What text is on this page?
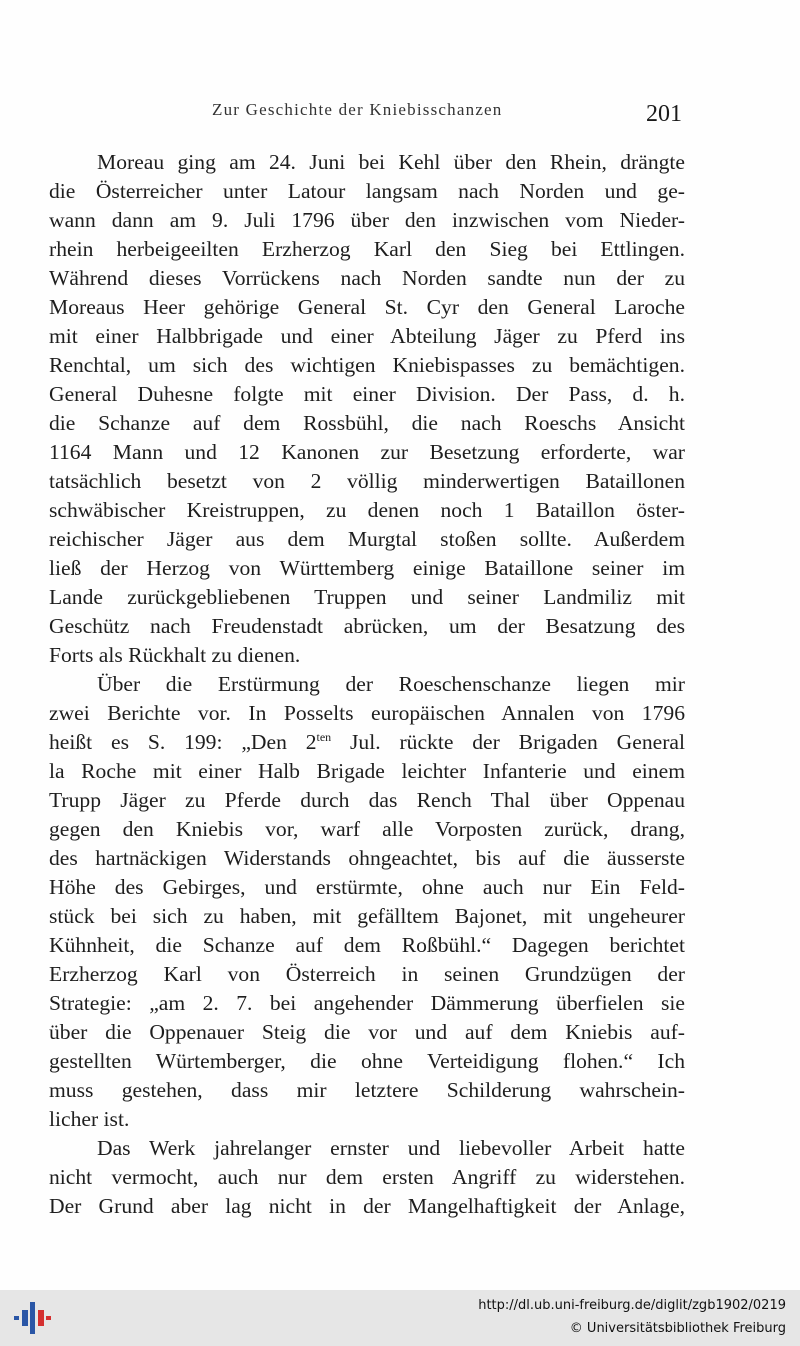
Zur Geschichte der Kniebisschanzen	201
Moreau ging am 24. Juni bei Kehl über den Rhein, drängte
die Österreicher unter Latour langsam nach Norden und ge-
wann dann am 9. Juli 1796 über den inzwischen vom Nieder-
rhein herbeigeeilten Erzherzog Karl den Sieg bei Ettlingen.
Während dieses Vorrückens nach Norden sandte nun der zu
Moreaus Heer gehörige General St. Cyr den General Laroche
mit einer Halbbrigade und einer Abteilung Jäger zu Pferd ins
Renchtal, um sich des wichtigen Kniebispasses zu bemächtigen.
General Duhesne folgte mit einer Division. Der Pass, d. h.
die Schanze auf dem Rossbühl, die nach Roeschs Ansicht
1164 Mann und 12 Kanonen zur Besetzung erforderte, war
tatsächlich besetzt von 2 völlig minderwertigen Bataillonen
schwäbischer Kreistruppen, zu denen noch 1 Bataillon öster-
reichischer Jäger aus dem Murgtal stoßen sollte. Außerdem
ließ der Herzog von Württemberg einige Bataillone seiner im
Lande zurückgebliebenen Truppen und seiner Landmiliz mit
Geschütz nach Freudenstadt abrücken, um der Besatzung des
Forts als Rückhalt zu dienen.
Über die Erstürmung der Roeschenschanze liegen mir
zwei Berichte vor. In Posselts europäischen Annalen von 1796
heißt es S. 199: „Den $2^{ten}$ Jul. rückte der Brigaden General
la Roche mit einer Halb Brigade leichter Infanterie und einem
Trupp Jäger zu Pferde durch das Rench Thal über Oppenau
gegen den Kniebis vor, warf alle Vorposten zurück, drang,
des hartnäckigen Widerstands ohngeachtet, bis auf die äusserste
Höhe des Gebirges, und erstürmte, ohne auch nur Ein Feld-
stück bei sich zu haben, mit gefälltem Bajonet, mit ungeheurer
Kühnheit, die Schanze auf dem Roßbühl.“ Dagegen berichtet
Erzherzog Karl von Österreich in seinen Grundzügen der
Strategie: „am 2. 7. bei angehender Dämmerung überfielen sie
über die Oppenauer Steig die vor und auf dem Kniebis auf-
gestellten Würtemberger, die ohne Verteidigung flohen.“ Ich
muss gestehen, dass mir letztere Schilderung wahrschein-
licher ist.
Das Werk jahrelanger ernster und liebevoller Arbeit hatte
nicht vermocht, auch nur dem ersten Angriff zu widerstehen.
Der Grund aber lag nicht in der Mangelhaftigkeit der Anlage,
http://dl.ub.uni-freiburg.de/diglit/zgb1902/0219
© Universitätsbibliothek Freiburg
